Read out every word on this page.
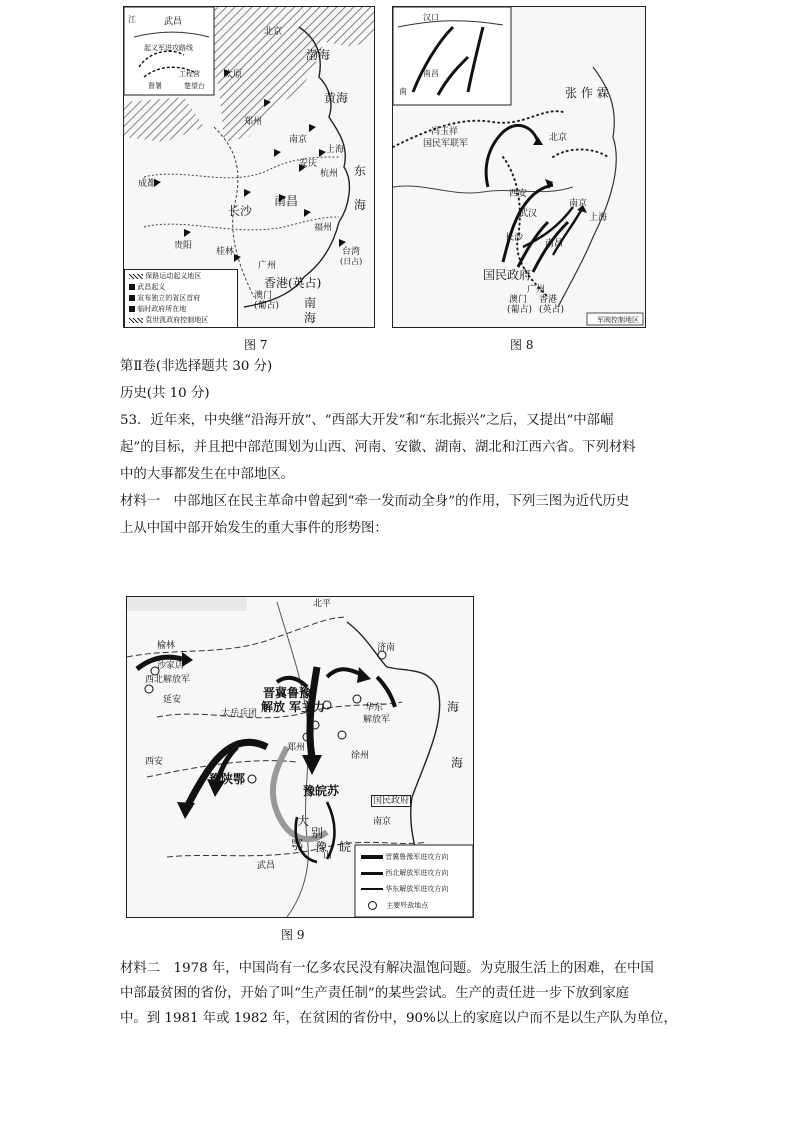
武昌
起义军进攻路线
工程营
楚望台
督署
江
北京
渤海
太原
黄海
郑州
南京
上海
安庆
杭州 东
海
成都
长沙
南昌
福州
贵阳
桂林	台湾
(日占)
广州
香港(英占)
澳门
(葡占) 南
海
保路运动起义地区
武昌起义
宣布独立的省区首府
临时政府所在地
袁世凯政府控制地区
图 7
汉口
南
南昌
张 作 霖
冯玉祥
国民军联军
北京
西安
武汉
南京
上海
南昌
长沙
国民政府
广州
澳门
(葡占)
香港
(英占)
军阀控制地区
图 8
第Ⅱ卷(非选择题共 30 分)
历史(共 10 分)
53．近年来，中央继“沿海开放”、“西部大开发”和“东北振兴”之后，又提出“中部崛
起”的目标，并且把中部范围划为山西、河南、安徽、湖南、湖北和江西六省。下列材料
中的大事都发生在中部地区。
材料一　中部地区在民主革命中曾起到“牵一发而动全身”的作用，下列三图为近代历史
上从中国中部开始发生的重大事件的形势图：
北平
榆林
沙家店
西北解放军
延安
济南
太岳兵团
晋冀鲁豫
解放 军主力	华东
解放军
郑州
徐州
西安
豫陕鄂
豫皖苏
国民政府
南京
海
海
大
别
山
鄂 豫 皖
武昌
晋冀鲁豫军进攻方向
西北解放军进攻方向
华东解放军进攻方向
主要歼敌地点
图 9
材料二　1978 年，中国尚有一亿多农民没有解决温饱问题。为克服生活上的困难，在中国
中部最贫困的省份，开始了叫“生产责任制”的某些尝试。生产的责任进一步下放到家庭
中。到 1981 年或 1982 年，在贫困的省份中，90%以上的家庭以户而不是以生产队为单位，
